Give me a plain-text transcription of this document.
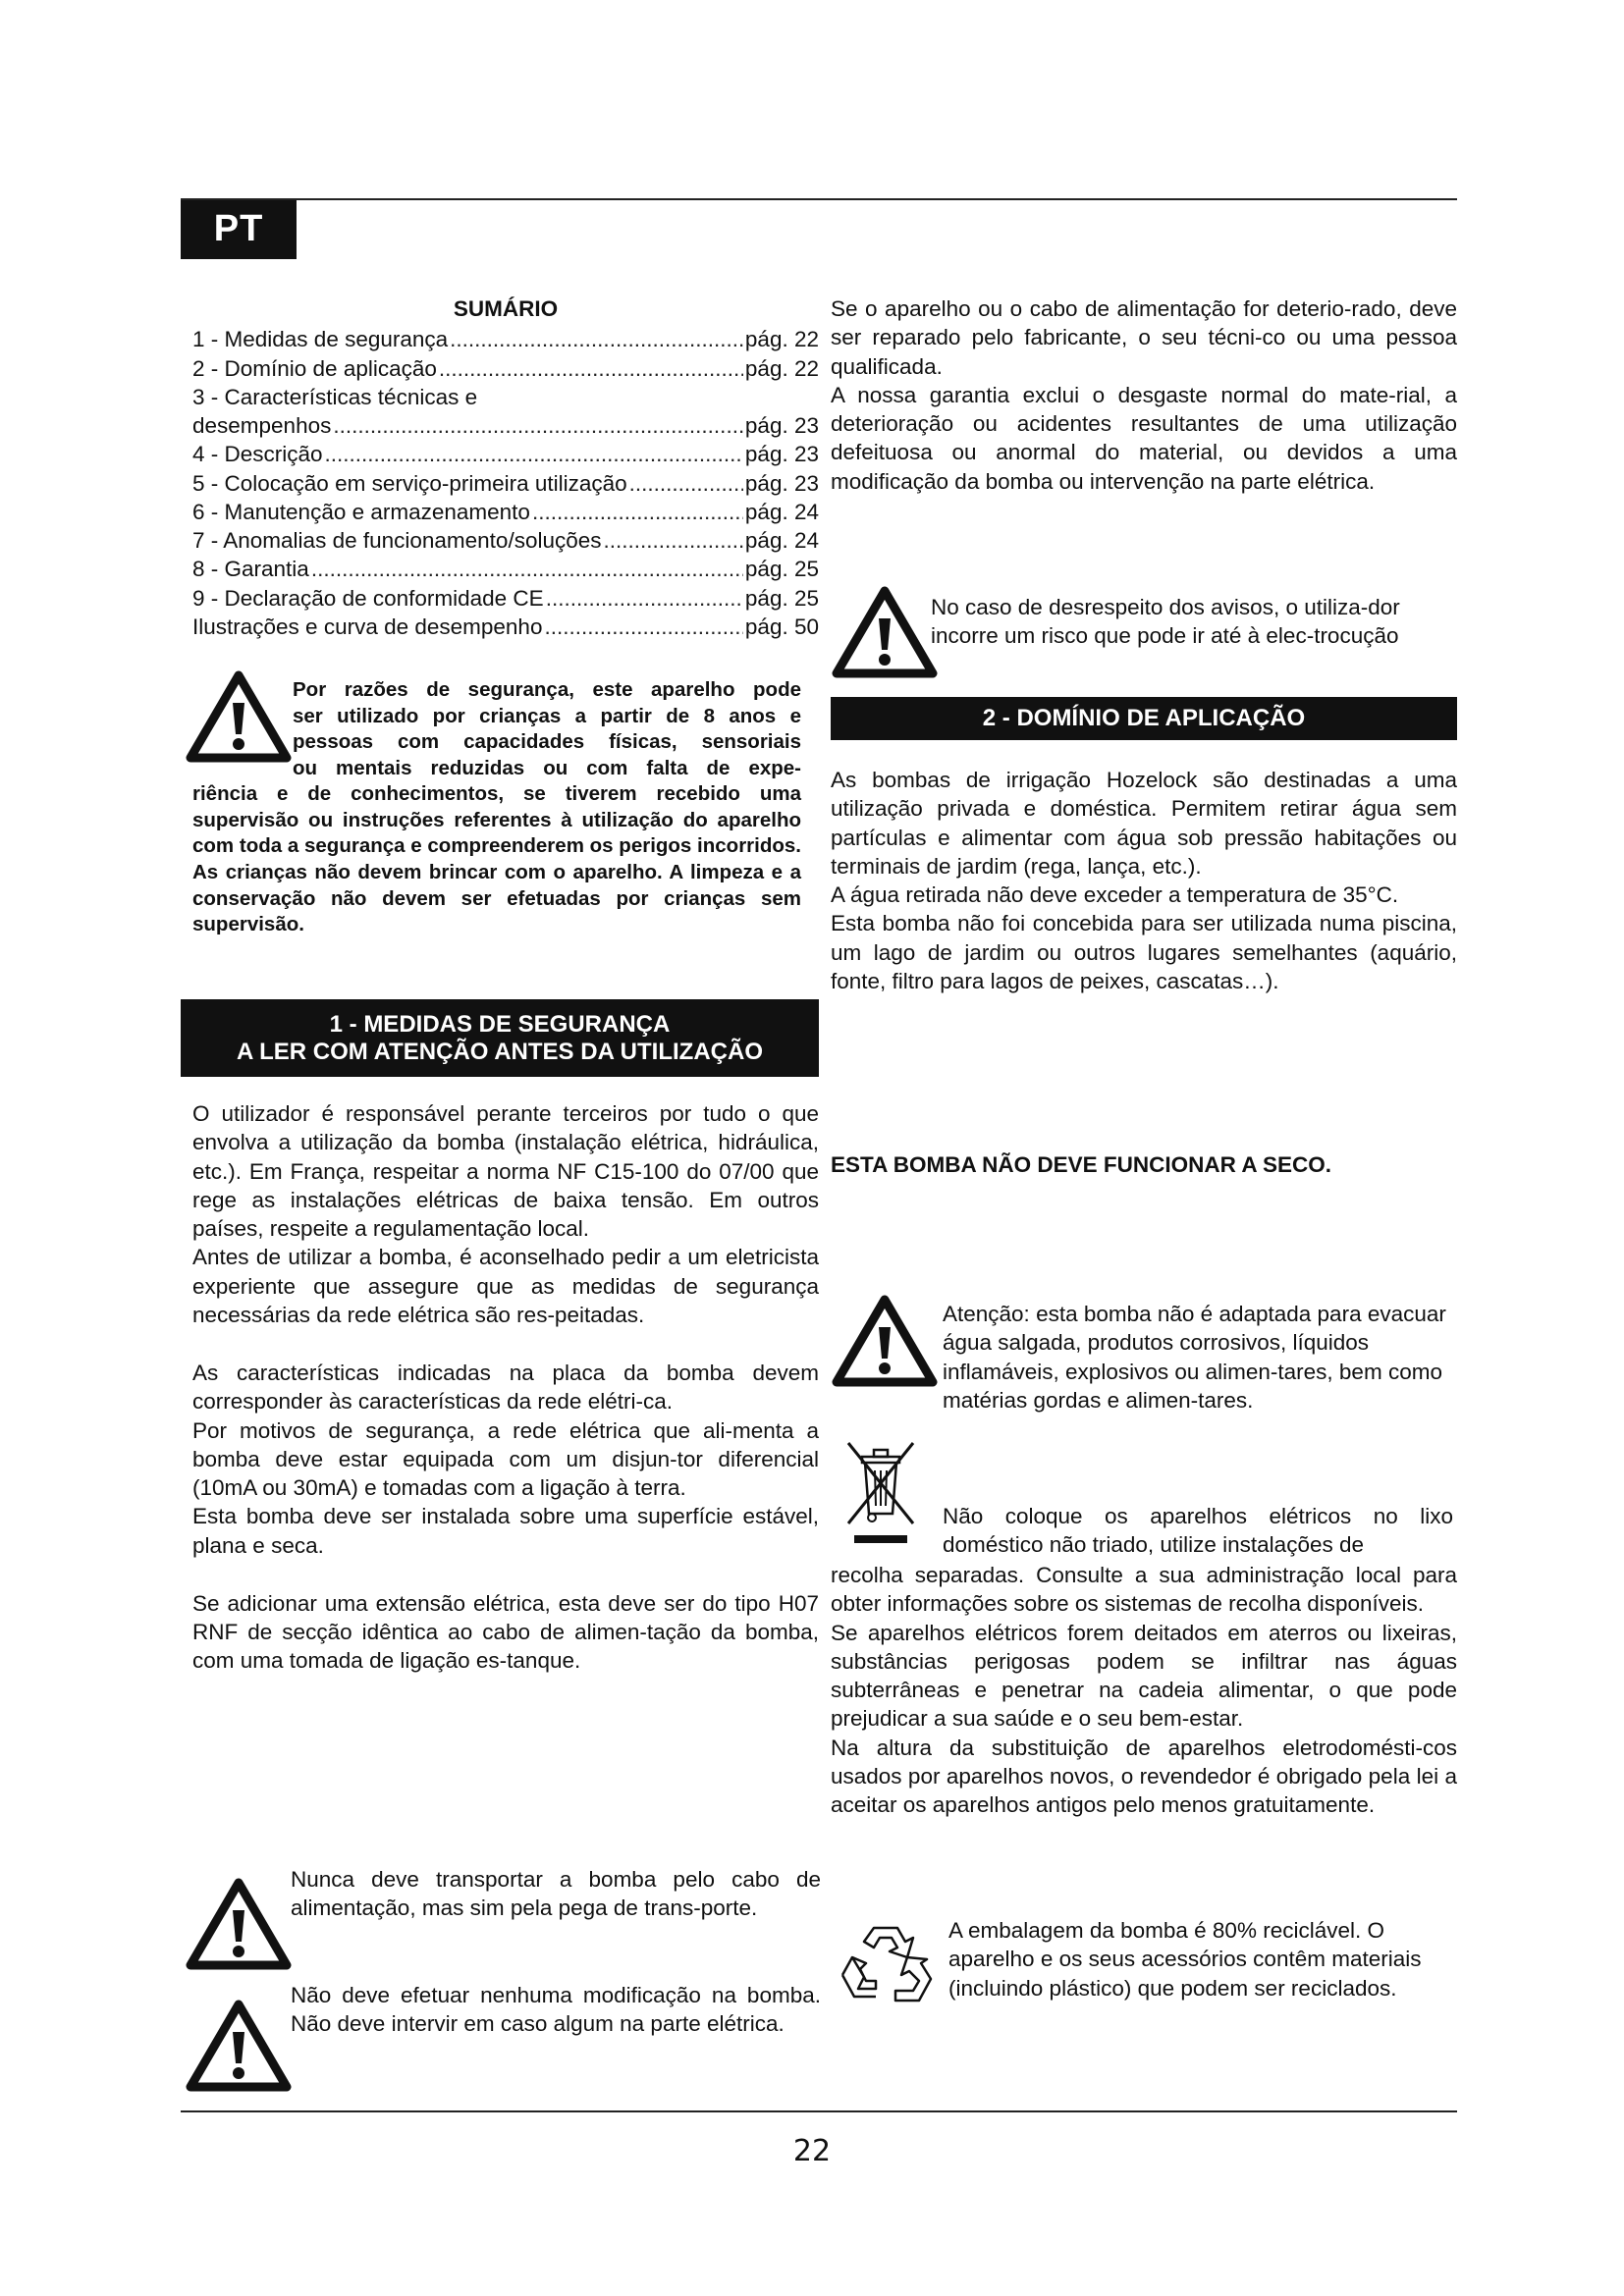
PT
SUMÁRIO
1 - Medidas de segurança .....	pág. 22
2 - Domínio de aplicação .....	pág. 22
3 - Características técnicas e
desempenhos .....	pág. 23
4 - Descrição .....	pág. 23
5 - Colocação em serviço-primeira utilização .....	pág. 23
6 - Manutenção e armazenamento .....	pág. 24
7 - Anomalias de funcionamento/soluções .....	pág. 24
8 - Garantia .....	pág. 25
9 - Declaração de conformidade CE .....	pág. 25
Ilustrações e curva de desempenho .....	pág. 50
Por razões de segurança, este aparelho pode
ser utilizado por crianças a partir de 8 anos e
pessoas com capacidades físicas, sensoriais
ou mentais reduzidas ou com falta de expe-
riência e de conhecimentos, se tiverem recebido uma supervisão ou instruções referentes à utilização do aparelho com toda a segurança e compreenderem os perigos incorridos. As crianças não devem brincar com o aparelho. A limpeza e a conservação não devem ser efetuadas por crianças sem supervisão.
1 - MEDIDAS DE SEGURANÇA
A LER COM ATENÇÃO ANTES DA UTILIZAÇÃO

O utilizador é responsável perante terceiros por tudo o que envolva a utilização da bomba (instalação elétrica, hidráulica, etc.). Em França, respeitar a norma NF C15-100 do 07/00 que rege as instalações elétricas de baixa tensão. Em outros países, respeite a regulamentação local.

Antes de utilizar a bomba, é aconselhado pedir a um eletricista experiente que assegure que as medidas de segurança necessárias da rede elétrica são res-peitadas.

As características indicadas na placa da bomba devem corresponder às características da rede elétri-ca.

Por motivos de segurança, a rede elétrica que ali-menta a bomba deve estar equipada com um disjun-tor diferencial (10mA ou 30mA) e tomadas com a ligação à terra.

Esta bomba deve ser instalada sobre uma superfície estável, plana e seca.

Se adicionar uma extensão elétrica, esta deve ser do tipo H07 RNF de secção idêntica ao cabo de alimen-tação da bomba, com uma tomada de ligação es-tanque.

Nunca deve transportar a bomba pelo cabo de alimentação, mas sim pela pega de trans-porte.
Não deve efetuar nenhuma modificação na bomba. Não deve intervir em caso algum na parte elétrica.

Se o aparelho ou o cabo de alimentação for deterio-rado, deve ser reparado pelo fabricante, o seu técni-co ou uma pessoa qualificada.

A nossa garantia exclui o desgaste normal do mate-rial, a deterioração ou acidentes resultantes de uma utilização defeituosa ou anormal do material, ou devidos a uma modificação da bomba ou intervenção na parte elétrica.

No caso de desrespeito dos avisos, o utiliza-dor incorre um risco que pode ir até à elec-trocução
2 - DOMÍNIO DE APLICAÇÃO

As bombas de irrigação Hozelock são destinadas a uma utilização privada e doméstica. Permitem retirar água sem partículas e alimentar com água sob pressão habitações ou terminais de jardim (rega, lança, etc.).

A água retirada não deve exceder a temperatura de 35°C.

Esta bomba não foi concebida para ser utilizada numa piscina, um lago de jardim ou outros lugares semelhantes (aquário, fonte, filtro para lagos de peixes, cascatas…).

ESTA BOMBA NÃO DEVE FUNCIONAR A SECO.
Atenção: esta bomba não é adaptada para evacuar água salgada, produtos corrosivos, líquidos inflamáveis, explosivos ou alimen-tares, bem como matérias gordas e alimen-tares.
Não coloque os aparelhos elétricos no lixo doméstico não triado, utilize instalações de

recolha separadas. Consulte a sua administração local para obter informações sobre os sistemas de recolha disponíveis.

Se aparelhos elétricos forem deitados em aterros ou lixeiras, substâncias perigosas podem se infiltrar nas águas subterrâneas e penetrar na cadeia alimentar, o que pode prejudicar a sua saúde e o seu bem-estar.

Na altura da substituição de aparelhos eletrodomésti-cos usados por aparelhos novos, o revendedor é obrigado pela lei a aceitar os aparelhos antigos pelo menos gratuitamente.

A embalagem da bomba é 80% reciclável. O aparelho e os seus acessórios contêm materiais (incluindo plástico) que podem ser reciclados.
22
